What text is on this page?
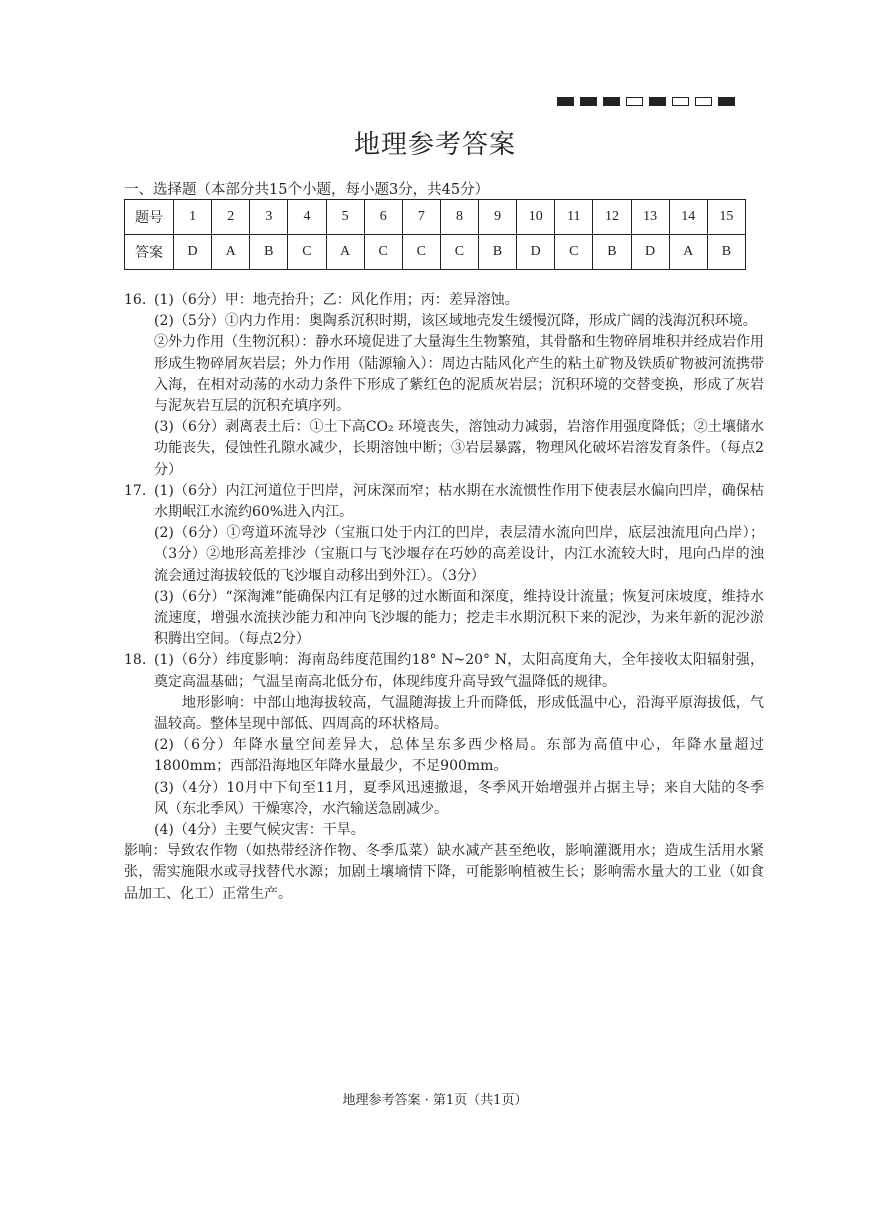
地理参考答案
一、选择题（本部分共15个小题，每小题3分，共45分）
题号	1	2	3	4	5	6	7	8	9	10	11	12	13	14	15
答案	D	A	B	C	A	C	C	C	B	D	C	B	D	A	B
16. (1)（6分）甲：地壳抬升；乙：风化作用；丙：差异溶蚀。

(2)（5分）①内力作用：奥陶系沉积时期，该区域地壳发生缓慢沉降，形成广阔的浅海沉积环境。

②外力作用（生物沉积）：静水环境促进了大量海生生物繁殖，其骨骼和生物碎屑堆积并经成岩作用形成生物碎屑灰岩层；外力作用（陆源输入）：周边古陆风化产生的粘土矿物及铁质矿物被河流携带入海，在相对动荡的水动力条件下形成了紫红色的泥质灰岩层；沉积环境的交替变换，形成了灰岩与泥灰岩互层的沉积充填序列。

(3)（6分）剥离表土后：①土下高CO₂ 环境丧失，溶蚀动力减弱，岩溶作用强度降低；②土壤储水功能丧失，侵蚀性孔隙水减少，长期溶蚀中断；③岩层暴露，物理风化破坏岩溶发育条件。（每点2分）

17. (1)（6分）内江河道位于凹岸，河床深而窄；枯水期在水流惯性作用下使表层水偏向凹岸，确保枯水期岷江水流约60%进入内江。

(2)（6分）①弯道环流导沙（宝瓶口处于内江的凹岸，表层清水流向凹岸，底层浊流甩向凸岸）；（3分）②地形高差排沙（宝瓶口与飞沙堰存在巧妙的高差设计，内江水流较大时，甩向凸岸的浊流会通过海拔较低的飞沙堰自动移出到外江）。（3分）

(3)（6分）“深淘滩”能确保内江有足够的过水断面和深度，维持设计流量；恢复河床坡度，维持水流速度，增强水流挟沙能力和冲向飞沙堰的能力；挖走丰水期沉积下来的泥沙，为来年新的泥沙淤积腾出空间。（每点2分）

18. (1)（6分）纬度影响：海南岛纬度范围约18° N~20° N，太阳高度角大，全年接收太阳辐射强，奠定高温基础；气温呈南高北低分布，体现纬度升高导致气温降低的规律。

地形影响：中部山地海拔较高，气温随海拔上升而降低，形成低温中心，沿海平原海拔低，气温较高。整体呈现中部低、四周高的环状格局。

(2)（6分）年降水量空间差异大，总体呈东多西少格局。东部为高值中心，年降水量超过1800mm；西部沿海地区年降水量最少，不足900mm。

(3)（4分）10月中下旬至11月，夏季风迅速撤退，冬季风开始增强并占据主导；来自大陆的冬季风（东北季风）干燥寒冷，水汽输送急剧减少。

(4)（4分）主要气候灾害：干旱。

影响：导致农作物（如热带经济作物、冬季瓜菜）缺水减产甚至绝收，影响灌溉用水；造成生活用水紧张，需实施限水或寻找替代水源；加剧土壤墒情下降，可能影响植被生长；影响需水量大的工业（如食品加工、化工）正常生产。

地理参考答案 · 第1页（共1页）
